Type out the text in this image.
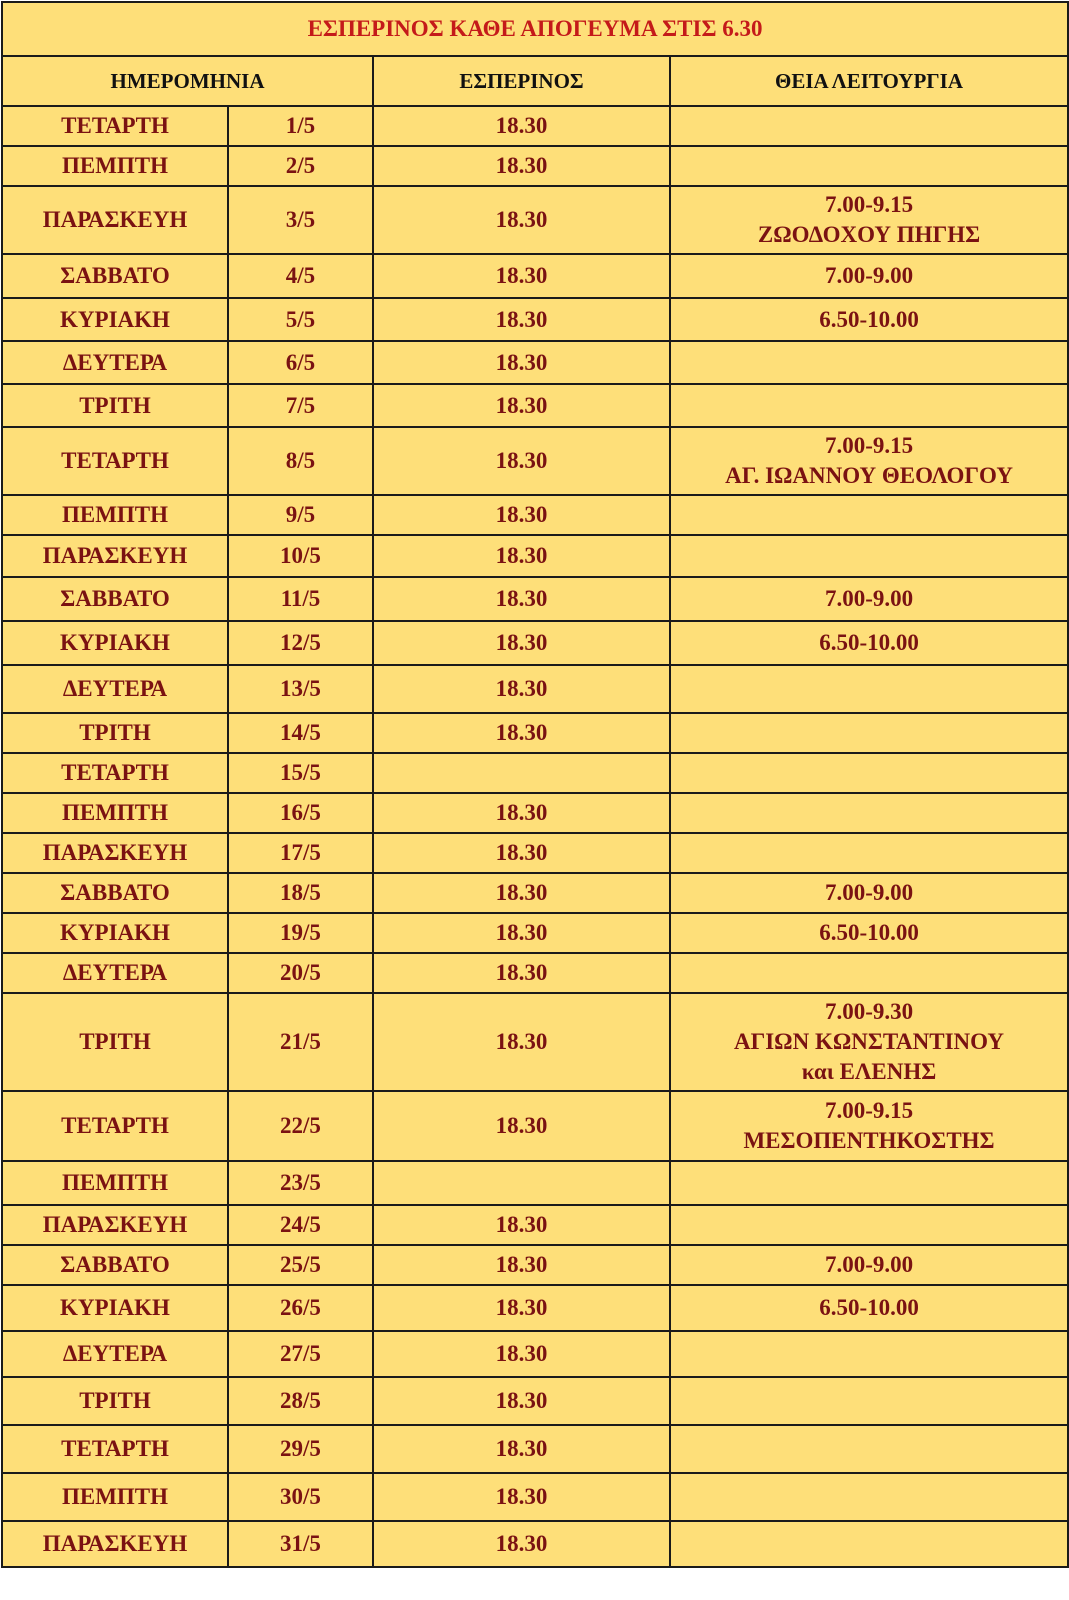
ΕΣΠΕΡΙΝΟΣ ΚΑΘΕ ΑΠΟΓΕΥΜΑ ΣΤΙΣ 6.30			
ΗΜΕΡΟΜΗΝΙΑ		ΕΣΠΕΡΙΝΟΣ	ΘΕΙΑ ΛΕΙΤΟΥΡΓΙΑ
ΤΕΤΑΡΤΗ	1/5	18.30	
ΠΕΜΠΤΗ	2/5	18.30	
ΠΑΡΑΣΚΕΥΗ	3/5	18.30	7.00-9.15
ΖΩΟΔΟΧΟΥ ΠΗΓΗΣ

ΣΑΒΒΑΤΟ	4/5	18.30	7.00-9.00

ΚΥΡΙΑΚΗ	5/5	18.30	6.50-10.00

ΔΕΥΤΕΡΑ	6/5	18.30	
ΤΡΙΤΗ	7/5	18.30	
ΤΕΤΑΡΤΗ	8/5	18.30	7.00-9.15
ΑΓ. ΙΩΑΝΝΟΥ ΘΕΟΛΟΓΟΥ

ΠΕΜΠΤΗ	9/5	18.30	
ΠΑΡΑΣΚΕΥΗ	10/5	18.30	
ΣΑΒΒΑΤΟ	11/5	18.30	7.00-9.00

ΚΥΡΙΑΚΗ	12/5	18.30	6.50-10.00

ΔΕΥΤΕΡΑ	13/5	18.30	
ΤΡΙΤΗ	14/5	18.30	
ΤΕΤΑΡΤΗ	15/5		
ΠΕΜΠΤΗ	16/5	18.30	
ΠΑΡΑΣΚΕΥΗ	17/5	18.30	
ΣΑΒΒΑΤΟ	18/5	18.30	7.00-9.00

ΚΥΡΙΑΚΗ	19/5	18.30	6.50-10.00

ΔΕΥΤΕΡΑ	20/5	18.30	
ΤΡΙΤΗ	21/5	18.30	7.00-9.30
ΑΓΙΩΝ ΚΩΝΣΤΑΝΤΙΝΟΥ
και ΕΛΕΝΗΣ

ΤΕΤΑΡΤΗ	22/5	18.30	7.00-9.15
ΜΕΣΟΠΕΝΤΗΚΟΣΤΗΣ

ΠΕΜΠΤΗ	23/5		
ΠΑΡΑΣΚΕΥΗ	24/5	18.30	
ΣΑΒΒΑΤΟ	25/5	18.30	7.00-9.00

ΚΥΡΙΑΚΗ	26/5	18.30	6.50-10.00

ΔΕΥΤΕΡΑ	27/5	18.30	
ΤΡΙΤΗ	28/5	18.30	
ΤΕΤΑΡΤΗ	29/5	18.30	
ΠΕΜΠΤΗ	30/5	18.30	
ΠΑΡΑΣΚΕΥΗ	31/5	18.30	
